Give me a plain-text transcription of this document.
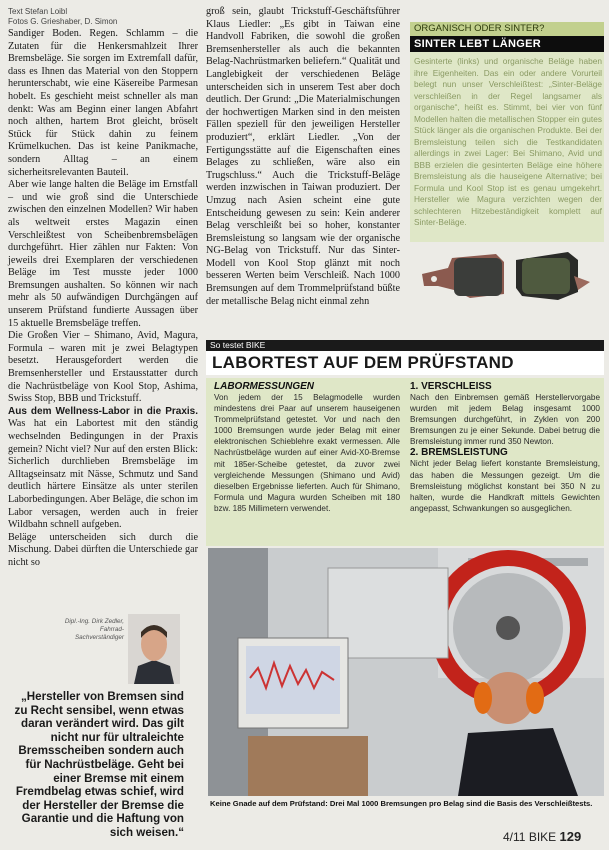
Text Stefan Loibl
Fotos G. Grieshaber, D. Simon

Sandiger Boden. Regen. Schlamm – die Zutaten für die Henkersmahlzeit Ihrer Bremsbeläge. Sie sorgen im Extremfall dafür, dass es Ihnen das Material von den Stoppern herunterschabt, wie eine Käsereibe Parmesan hobelt. Es geschieht meist schneller als man denkt: Was am Beginn einer langen Abfahrt noch althen, hartem Brot gleicht, bröselt Stück für Stück dahin zu feinem Krümelkuchen. Das ist keine Panikmache, sondern Alltag – an einem sicherheitsrelevanten Bauteil.

Aber wie lange halten die Beläge im Ernstfall – und wie groß sind die Unterschiede zwischen den einzelnen Modellen? Wir haben als weltweit erstes Magazin einen Verschleißtest von Scheibenbremsbelägen durchgeführt. Hier zählen nur Fakten: Von jeweils drei Exemplaren der verschiedenen Beläge im Test musste jeder 1000 Bremsungen aushalten. So können wir nach mehr als 50 aufwändigen Durchgängen auf unserem Prüfstand fundierte Aussagen über 15 aktuelle Bremsbeläge treffen.

Die Großen Vier – Shimano, Avid, Magura, Formula – waren mit je zwei Belagtypen besetzt. Herausgefordert werden die Bremsenhersteller und Erstausstatter durch die Nachrüstbeläge von Kool Stop, Ashima, Swiss Stop, BBB und Trickstuff.

Aus dem Wellness-Labor in die Praxis. Was hat ein Labortest mit den ständig wechselnden Bedingungen in der Praxis gemein? Nicht viel? Nur auf den ersten Blick: Sicherlich durchlieben Bremsbeläge im Alltagseinsatz mit Nässe, Schmutz und Sand deutlich härtere Einsätze als unter sterilen Laborbedingungen. Aber Beläge, die schon im Labor versagen, werden auch in freier Wildbahn schnell aufgeben.

Beläge unterscheiden sich durch die Mischung. Dabei dürften die Unterschiede gar nicht so

groß sein, glaubt Trickstuff-Geschäftsführer Klaus Liedler: „Es gibt in Taiwan eine Handvoll Fabriken, die sowohl die großen Bremsenhersteller als auch die bekannten Belag-Nachrüstmarken beliefern.“ Qualität und Langlebigkeit der verschiedenen Beläge unterscheiden sich in unserem Test aber doch deutlich. Der Grund: „Die Materialmischungen der hochwertigen Marken sind in den meisten Fällen speziell für den jeweiligen Hersteller produziert“, erklärt Liedler. „Von der Fertigungsstätte auf die Eigenschaften eines Belages zu schließen, wäre also ein Trugschluss.“ Auch die Trickstuff-Beläge werden inzwischen in Taiwan produziert. Der Umzug nach Asien scheint eine gute Entscheidung gewesen zu sein: Kein anderer Belag verschleißt bei so hoher, konstanter Bremsleistung so langsam wie der organische NG-Belag von Trickstuff. Nur das Sinter-Modell von Kool Stop glänzt mit noch besseren Werten beim Verschleiß. Nach 1000 Bremsungen auf dem Trommelprüfstand büßte der metallische Belag nicht einmal zehn

ORGANISCH ODER SINTER?
SINTER LEBT LÄNGER
Gesinterte (links) und organische Beläge haben ihre Eigenheiten. Das ein oder andere Vorurteil belegt nun unser Verschleißtest: „Sinter-Beläge verschleißen in der Regel langsamer als organische“, heißt es. Stimmt, bei vier von fünf Modellen halten die metallischen Stopper ein gutes Stück länger als die organischen Produkte. Bei der Bremsleistung teilen sich die Testkandidaten allerdings in zwei Lager: Bei Shimano, Avid und BBB erzielen die gesinterten Beläge eine höhere Bremsleistung als die hauseigene Alternative; bei Formula und Kool Stop ist es genau umgekehrt. Hersteller wie Magura verzichten wegen der schlechteren Hitzebeständigkeit komplett auf Sinter-Beläge.
So testet BIKE
LABORTEST AUF DEM PRÜFSTAND
LABORMESSUNGEN
Von jedem der 15 Belagmodelle wurden mindestens drei Paar auf unserem hauseigenen Trommelprüfstand getestet. Vor und nach den 1000 Bremsungen wurde jeder Belag mit einer elektronischen Schieblehre exakt vermessen. Alle Nachrüstbeläge wurden auf einer Avid-X0-Bremse mit 185er-Scheibe getestet, da zuvor zwei vergleichende Messungen (Shimano und Avid) dieselben Ergebnisse lieferten. Auch für Shimano, Formula und Magura wurden Scheiben mit 180 bzw. 185 Millimetern verwendet.
1. VERSCHLEISS
Nach den Einbremsen gemäß Herstellervorgabe wurden mit jedem Belag insgesamt 1000 Bremsungen durchgeführt, in Zyklen von 200 Bremsungen zu je einer Sekunde. Dabei betrug die Bremsleistung immer rund 350 Newton.
2. BREMSLEISTUNG
Nicht jeder Belag liefert konstante Bremsleistung, das haben die Messungen gezeigt. Um die Bremsleistung möglichst konstant bei 350 N zu halten, wurde die Handkraft mittels Gewichten angepasst, Schwankungen so ausgeglichen.
Keine Gnade auf dem Prüfstand: Drei Mal 1000 Bremsungen pro Belag sind die Basis des Verschleißtests.
Dipl.-Ing. Dirk Zedler,
Fahrrad-Sachverständiger
„Hersteller von Bremsen sind zu Recht sensibel, wenn etwas daran verändert wird. Das gilt nicht nur für ultraleichte Bremsscheiben sondern auch für Nachrüstbeläge. Geht bei einer Bremse mit einem Fremdbelag etwas schief, wird der Hersteller der Bremse die Garantie und die Haftung von sich weisen.“	4/11 BIKE 129
